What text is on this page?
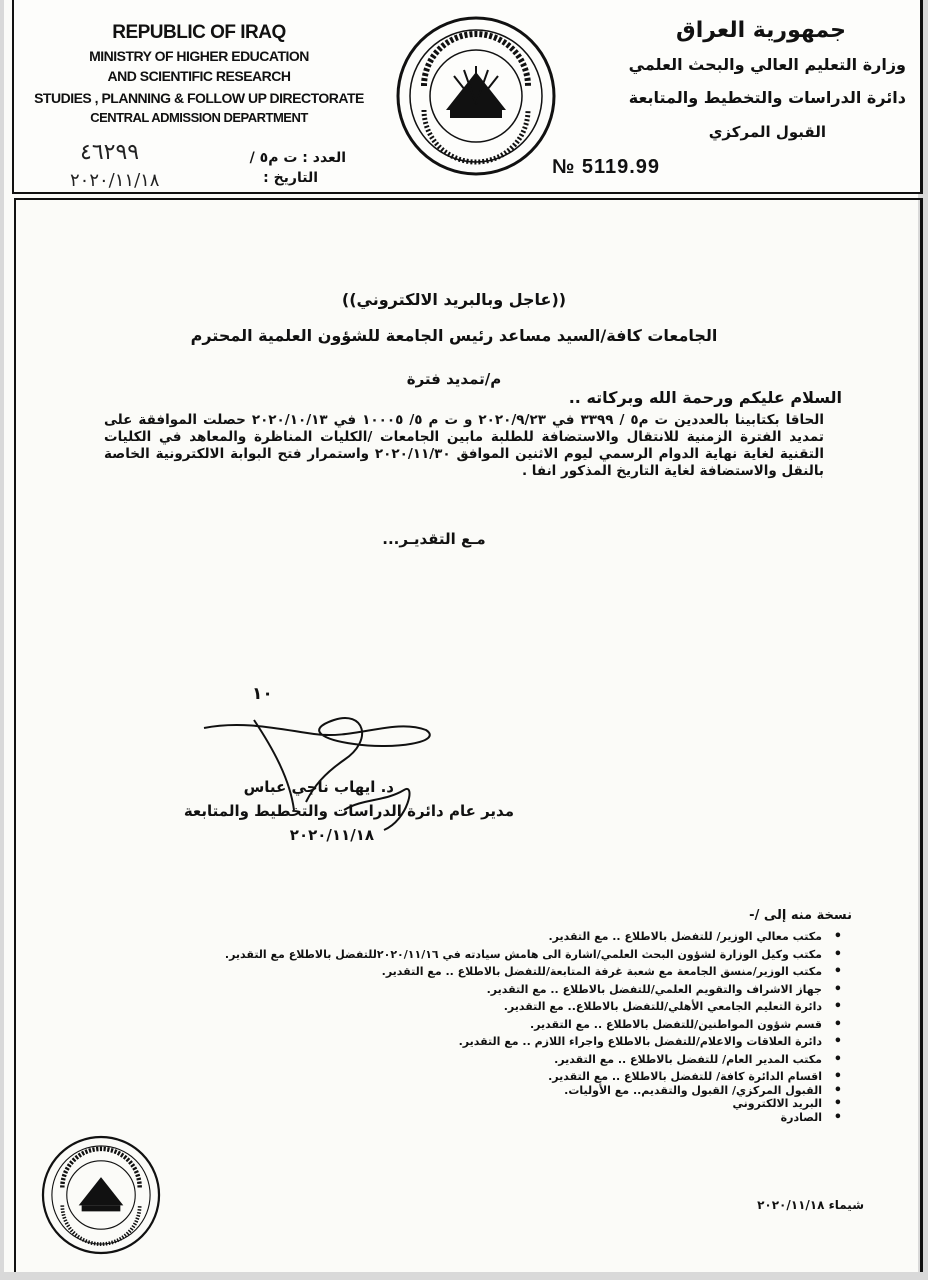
REPUBLIC OF IRAQ
MINISTRY OF HIGHER EDUCATION
AND SCIENTIFIC RESEARCH
STUDIES , PLANNING & FOLLOW UP DIRECTORATE
CENTRAL ADMISSION DEPARTMENT
العدد : ت م٥ /
٤٦٢٩٩
التاريخ :
٢٠٢٠/١١/١٨
جمهورية العراق
وزارة التعليم العالي والبحث العلمي
دائرة الدراسات والتخطيط والمتابعة
القبول المركزي
№ 5119.99
((عاجل وبالبريد الالكتروني))
الجامعات كافة/السيد مساعد رئيس الجامعة للشؤون العلمية المحترم
م/تمديد فترة
السلام عليكم ورحمة الله وبركاته ..
الحاقا بكتابينا بالعددين ت م٥ / ٣٣٩٩ في ٢٠٢٠/٩/٢٣ و ت م ٥/ ١٠٠٠٥ في ٢٠٢٠/١٠/١٣ حصلت الموافقة على تمديد الفترة الزمنية للانتقال والاستضافة للطلبة مابين الجامعات /الكليات المناظرة والمعاهد في الكليات التقنية لغاية نهاية الدوام الرسمي ليوم الاثنين الموافق ٢٠٢٠/١١/٣٠ واستمرار فتح البوابة الالكترونية الخاصة بالنقل والاستضافة لغاية التاريخ المذكور انفا .
مـع التقديـر...
١٠
د. ايهاب ناجي عباس
مدير عام دائرة الدراسات والتخطيط والمتابعة
٢٠٢٠/١١/١٨
نسخة منه إلى /-
• مكتب معالي الوزير/ للتفضل بالاطلاع .. مع التقدير.
• مكتب وكيل الوزارة لشؤون البحث العلمي/اشارة الى هامش سيادته في ٢٠٢٠/١١/١٦للتفضل بالاطلاع مع التقدير.
• مكتب الوزير/منسق الجامعة مع شعبة غرفة المتابعة/للتفضل بالاطلاع .. مع التقدير.
• جهاز الاشراف والتقويم العلمي/للتفضل بالاطلاع .. مع التقدير.
• دائرة التعليم الجامعي الأهلي/للتفضل بالاطلاع.. مع التقدير.
• قسم شؤون المواطنين/للتفضل بالاطلاع .. مع التقدير.
• دائرة العلاقات والاعلام/للتفضل بالاطلاع واجراء اللازم .. مع التقدير.
• مكتب المدير العام/ للتفضل بالاطلاع .. مع التقدير.
• اقسام الدائرة كافة/ للتفضل بالاطلاع .. مع التقدير.
• القبول المركزي/ القبول والتقديم.. مع الأوليات.
• البريد الالكتروني
• الصادرة
شيماء ٢٠٢٠/١١/١٨
